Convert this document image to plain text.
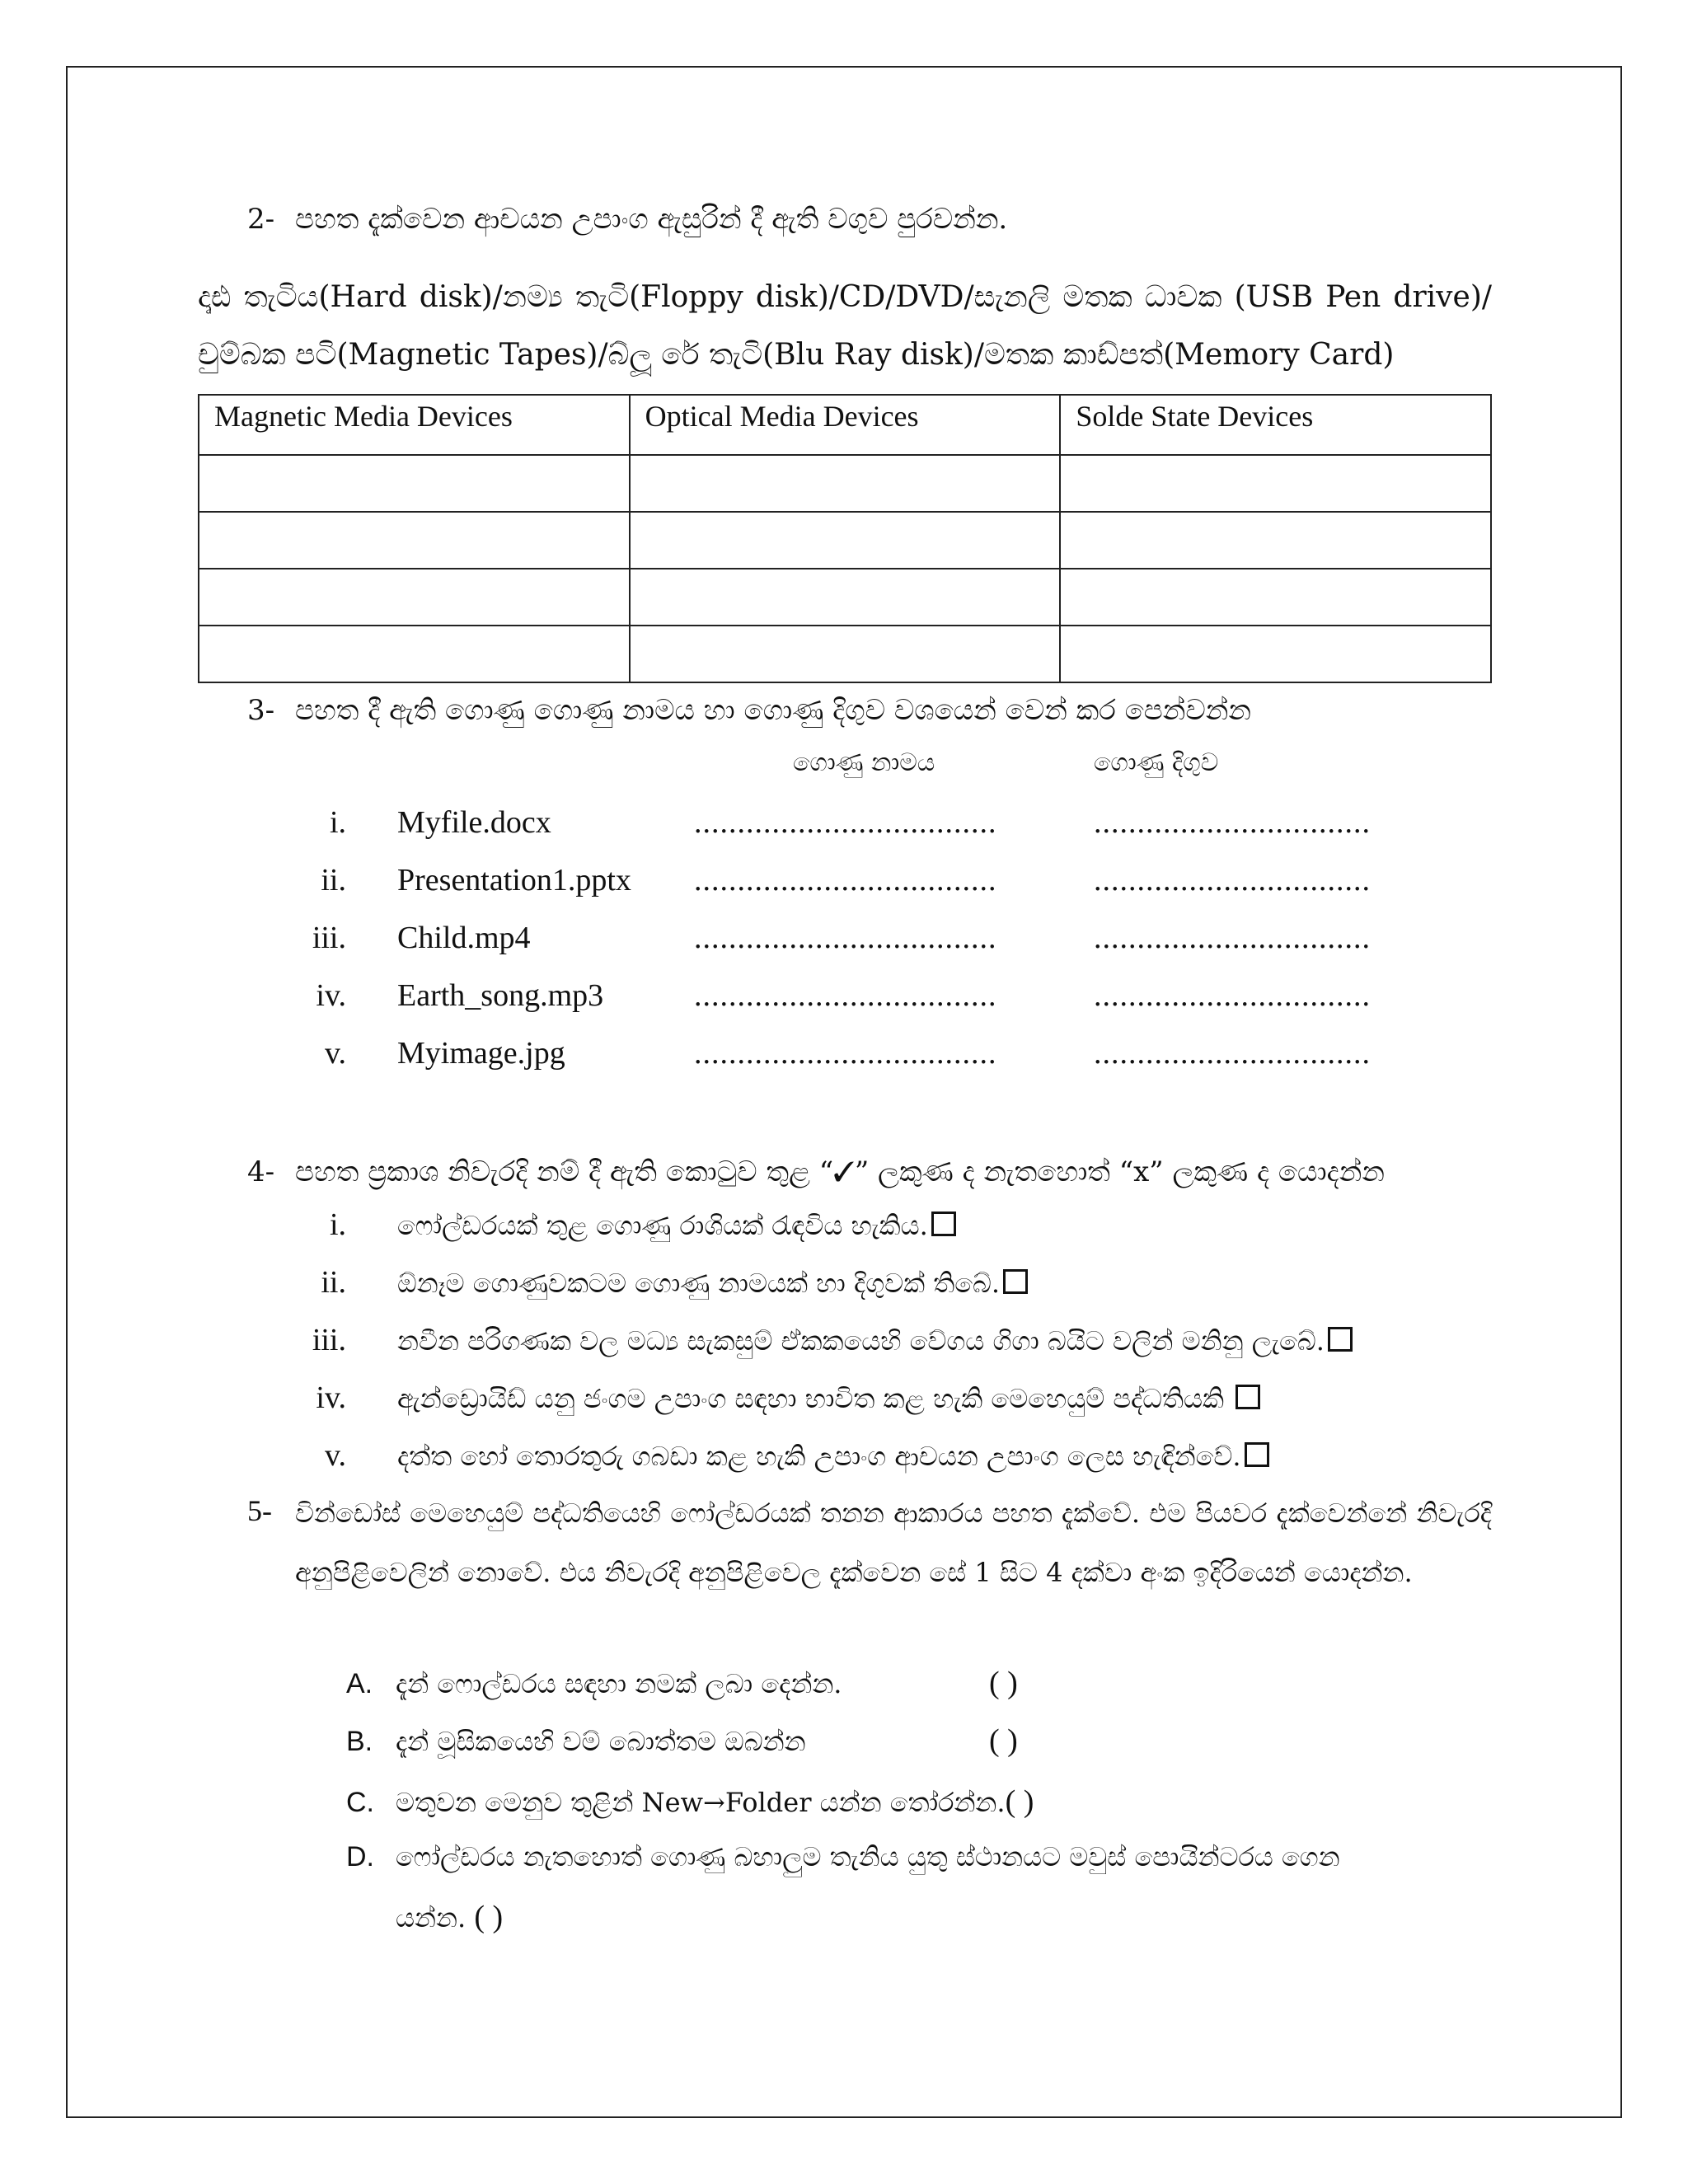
2- පහත දැක්වෙන ආචයන උපාංග ඇසුරින් දී ඇති වගුව පුරවන්න.
දෘඪ තැටිය(Hard disk)/නම්‍ය තැටි(Floppy disk)/CD/DVD/සැනලි මතක ධාවක (USB Pen drive)/චුම්බක පටි(Magnetic Tapes)/බ්ලූ රේ තැටි(Blu Ray disk)/මතක කාඩ්පත්(Memory Card)
Magnetic Media Devices	Optical Media Devices	Solde State Devices

3- පහත දී ඇති ගොණු ගොණු නාමය හා ගොණු දිගුව වශයෙන් වෙන් කර පෙන්වන්න
ගොණු නාමය	ගොණු දිගුව
i. Myfile.docx	...................................	................................
ii. Presentation1.pptx ...................................	................................
iii. Child.mp4	...................................	................................
iv. Earth_song.mp3	...................................	................................
v. Myimage.jpg	...................................	................................
4- පහත ප්‍රකාශ නිවැරදි නම් දී ඇති කොටුව තුළ “✓” ලකුණ ද නැතහොත් “x” ලකුණ ද යොදන්න
i. ෆෝල්ඩරයක් තුළ ගොණු රාශියක් රැඳවිය හැකිය.
ii. ඕනෑම ගොණුවකටම ගොණු නාමයක් හා දිගුවක් තිබේ.
iii. නවීන පරිගණක වල මධ්‍ය සැකසුම් ඒකකයෙහි වේගය ගිගා බයිට වලින් මනිනු ලැබේ.
iv. ඇන්ඩ්‍රොයිඩ් යනු ජංගම උපාංග සඳහා භාවිත කළ හැකි මෙහෙයුම් පද්ධතියකි
v. දත්ත හෝ තොරතුරු ගබඩා කළ හැකි උපාංග ආචයන උපාංග ලෙස හැඳින්වේ.
5- වින්ඩෝස් මෙහෙයුම් පද්ධතියෙහි ෆෝල්ඩරයක් තනන ආකාරය පහත දැක්වේ. එම පියවර දැක්වෙන්නේ නිවැරදි අනුපිළිවෙලින් නොවේ. එය නිවැරදි අනුපිළිවෙල දැක්වෙන සේ 1 සිට 4 දක්වා අංක ඉදිරියෙන් යොදන්න.
A. දැන් ෆොල්ඩරය සඳහා නමක් ලබා දෙන්න.	( )
B. දැන් මූසිකයෙහි වම් බොත්තම ඔබන්න	( )
C. මතුවන මෙනුව තුළින් New→Folder යන්න තෝරන්න.( )
D. ෆෝල්ඩරය නැතහොත් ගොණු බහාලුම තැනිය යුතු ස්ථානයට මවුස් පොයින්ටරය ගෙන
යන්න. ( )
